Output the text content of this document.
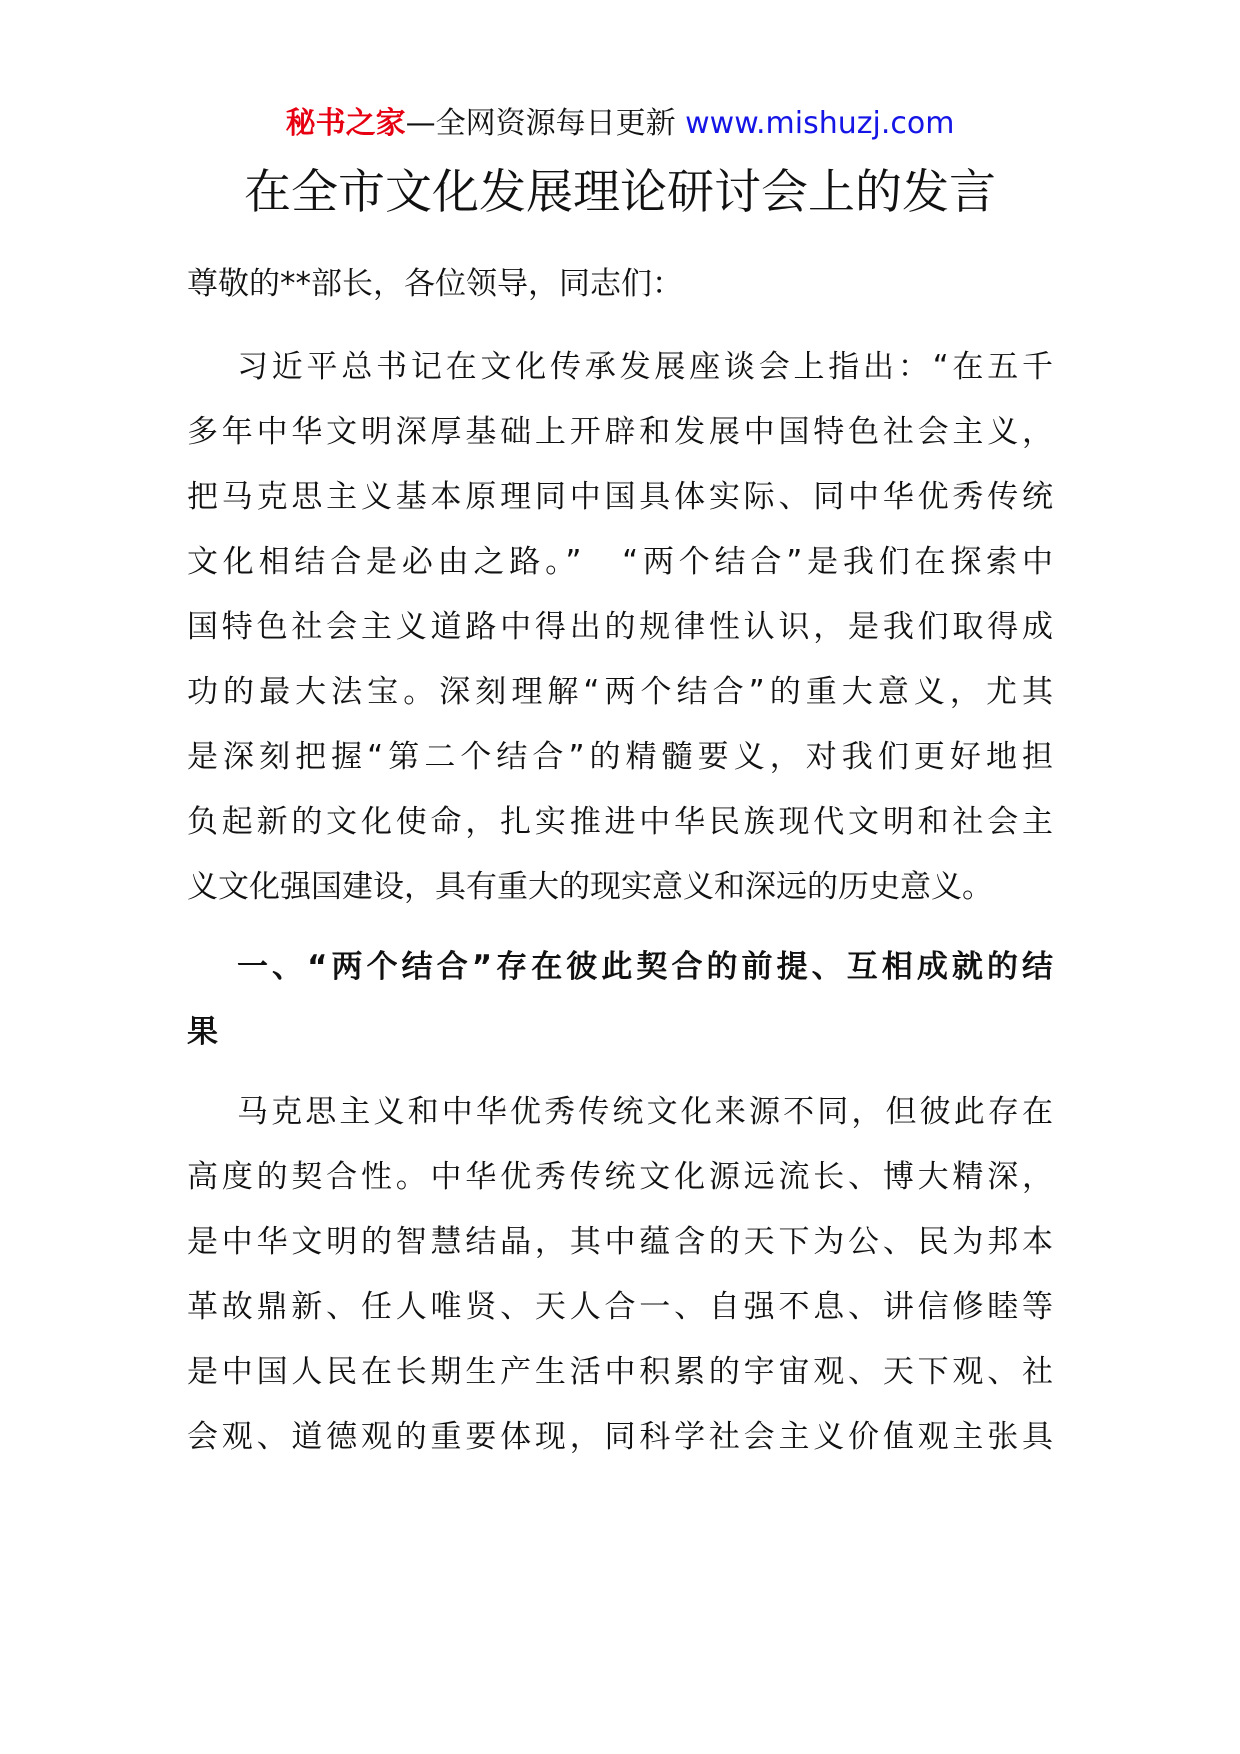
秘书之家—全网资源每日更新 www.mishuzj.com
在全市文化发展理论研讨会上的发言
尊敬的**部长，各位领导，同志们：
习近平总书记在文化传承发展座谈会上指出：“在五千
多年中华文明深厚基础上开辟和发展中国特色社会主义，
把马克思主义基本原理同中国具体实际、同中华优秀传统
文化相结合是必由之路。”　“两个结合”是我们在探索中
国特色社会主义道路中得出的规律性认识，是我们取得成
功的最大法宝。深刻理解“两个结合”的重大意义，尤其
是深刻把握“第二个结合”的精髓要义，对我们更好地担
负起新的文化使命，扎实推进中华民族现代文明和社会主
义文化强国建设，具有重大的现实意义和深远的历史意义。
一、“两个结合”存在彼此契合的前提、互相成就的结
果
马克思主义和中华优秀传统文化来源不同，但彼此存在
高度的契合性。中华优秀传统文化源远流长、博大精深，
是中华文明的智慧结晶，其中蕴含的天下为公、民为邦本
革故鼎新、任人唯贤、天人合一、自强不息、讲信修睦等
是中国人民在长期生产生活中积累的宇宙观、天下观、社
会观、道德观的重要体现，同科学社会主义价值观主张具
